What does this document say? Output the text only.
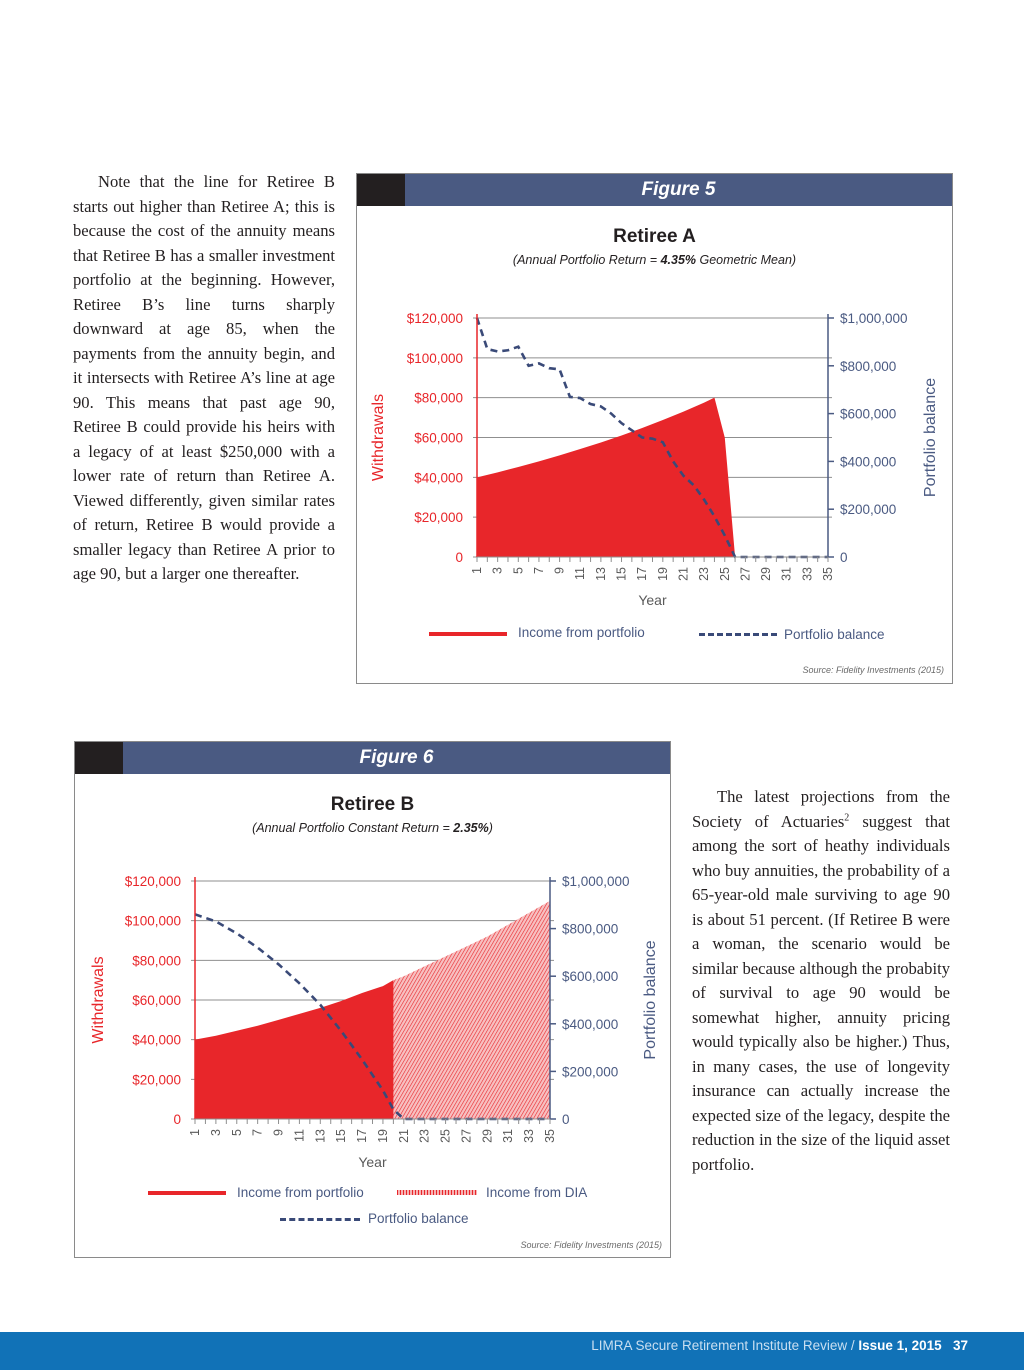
Note that the line for Retiree B starts out higher than Retiree A; this is because the cost of the annuity means that Retiree B has a smaller investment portfolio at the beginning. However, Retiree B’s line turns sharply downward at age 85, when the payments from the annuity begin, and it intersects with Retiree A’s line at age 90. This means that past age 90, Retiree B could provide his heirs with a legacy of at least $250,000 with a lower rate of return than Retiree A. Viewed differently, given similar rates of return, Retiree B would provide a smaller legacy than Retiree A prior to age 90, but a larger one thereafter.

Figure 5
Retiree A
(Annual Portfolio Return = 4.35% Geometric Mean)
0
$20,000
$40,000
$60,000
$80,000
$100,000
$120,000
0
$200,000
$400,000
$600,000
$800,000
$1,000,000
1 3 5 7 9 11 13 15 17 19 21 23 25 27 29 31 33 35
Year
Withdrawals	Portfolio balance
Income from portfolio	Portfolio balance
Source: Fidelity Investments (2015)
Figure 6
Retiree B
(Annual Portfolio Constant Return = 2.35%)
0
$20,000
$40,000
$60,000
$80,000
$100,000
$120,000
0
$200,000
$400,000
$600,000
$800,000
$1,000,000
1 3 5 7 9 11 13 15 17 19 21 23 25 27 29 31 33 35
Year
Withdrawals	Portfolio balance
Income from portfolio	Income from DIA
Portfolio balance
Source: Fidelity Investments (2015)

The latest projections from the Society of Actuaries$^2$ suggest that among the sort of heathy individuals who buy annuities, the probability of a 65-year-old male surviving to age 90 is about 51 percent. (If Retiree B were a woman, the scenario would be similar because although the probabity of survival to age 90 would be somewhat higher, annuity pricing would typically also be higher.) Thus, in many cases, the use of longevity insurance can actually increase the expected size of the legacy, despite the reduction in the size of the liquid asset portfolio.

LIMRA Secure Retirement Institute Review / Issue 1, 2015 37
